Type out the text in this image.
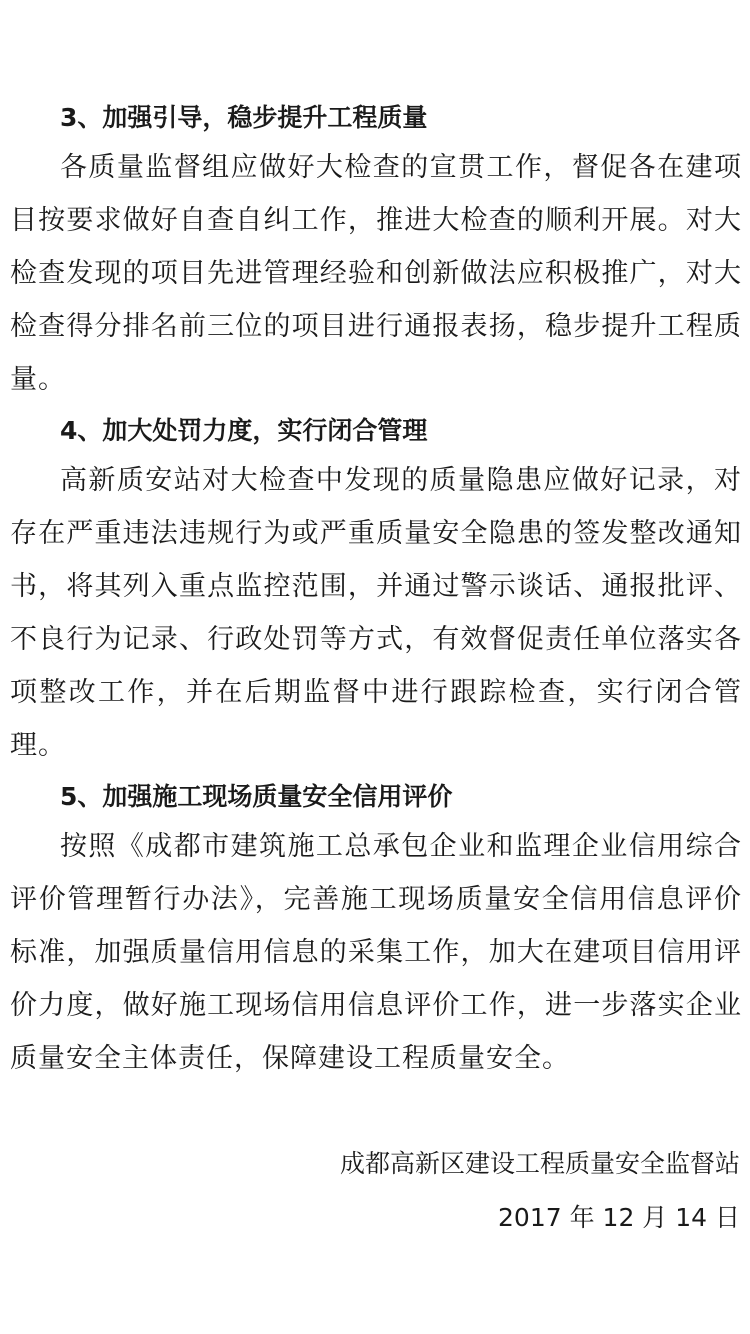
3、加强引导，稳步提升工程质量

各质量监督组应做好大检查的宣贯工作，督促各在建项目按要求做好自查自纠工作，推进大检查的顺利开展。对大检查发现的项目先进管理经验和创新做法应积极推广，对大检查得分排名前三位的项目进行通报表扬，稳步提升工程质量。

4、加大处罚力度，实行闭合管理

高新质安站对大检查中发现的质量隐患应做好记录，对存在严重违法违规行为或严重质量安全隐患的签发整改通知书，将其列入重点监控范围，并通过警示谈话、通报批评、不良行为记录、行政处罚等方式，有效督促责任单位落实各项整改工作，并在后期监督中进行跟踪检查，实行闭合管理。

5、加强施工现场质量安全信用评价

按照《成都市建筑施工总承包企业和监理企业信用综合评价管理暂行办法》，完善施工现场质量安全信用信息评价标准，加强质量信用信息的采集工作，加大在建项目信用评价力度，做好施工现场信用信息评价工作，进一步落实企业质量安全主体责任，保障建设工程质量安全。

成都高新区建设工程质量安全监督站
2017 年 12 月 14 日
